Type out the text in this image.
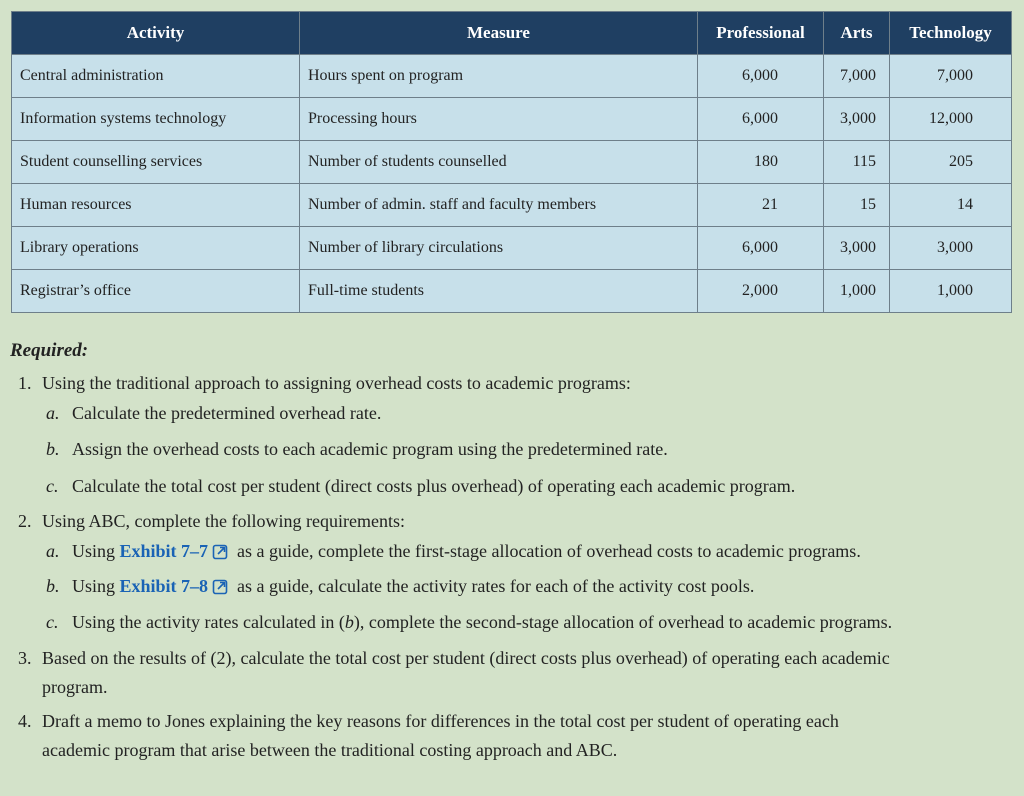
Activity	Measure	Professional	Arts	Technology
Central administration	Hours spent on program	6,000	7,000	7,000
Information systems technology	Processing hours	6,000	3,000	12,000
Student counselling services	Number of students counselled	180	115	205
Human resources	Number of admin. staff and faculty members	21	15	14
Library operations	Number of library circulations	6,000	3,000	3,000
Registrar’s office	Full-time students	2,000	1,000	1,000
Required:
1. Using the traditional approach to assigning overhead costs to academic programs:
a. Calculate the predetermined overhead rate.
b. Assign the overhead costs to each academic program using the predetermined rate.
c. Calculate the total cost per student (direct costs plus overhead) of operating each academic program.
2. Using ABC, complete the following requirements:
a. Using Exhibit 7–7 as a guide, complete the first-stage allocation of overhead costs to academic programs.
b. Using Exhibit 7–8 as a guide, calculate the activity rates for each of the activity cost pools.
c. Using the activity rates calculated in (b), complete the second-stage allocation of overhead to academic programs.
3. Based on the results of (2), calculate the total cost per student (direct costs plus overhead) of operating each academic
program.
4. Draft a memo to Jones explaining the key reasons for differences in the total cost per student of operating each
academic program that arise between the traditional costing approach and ABC.
